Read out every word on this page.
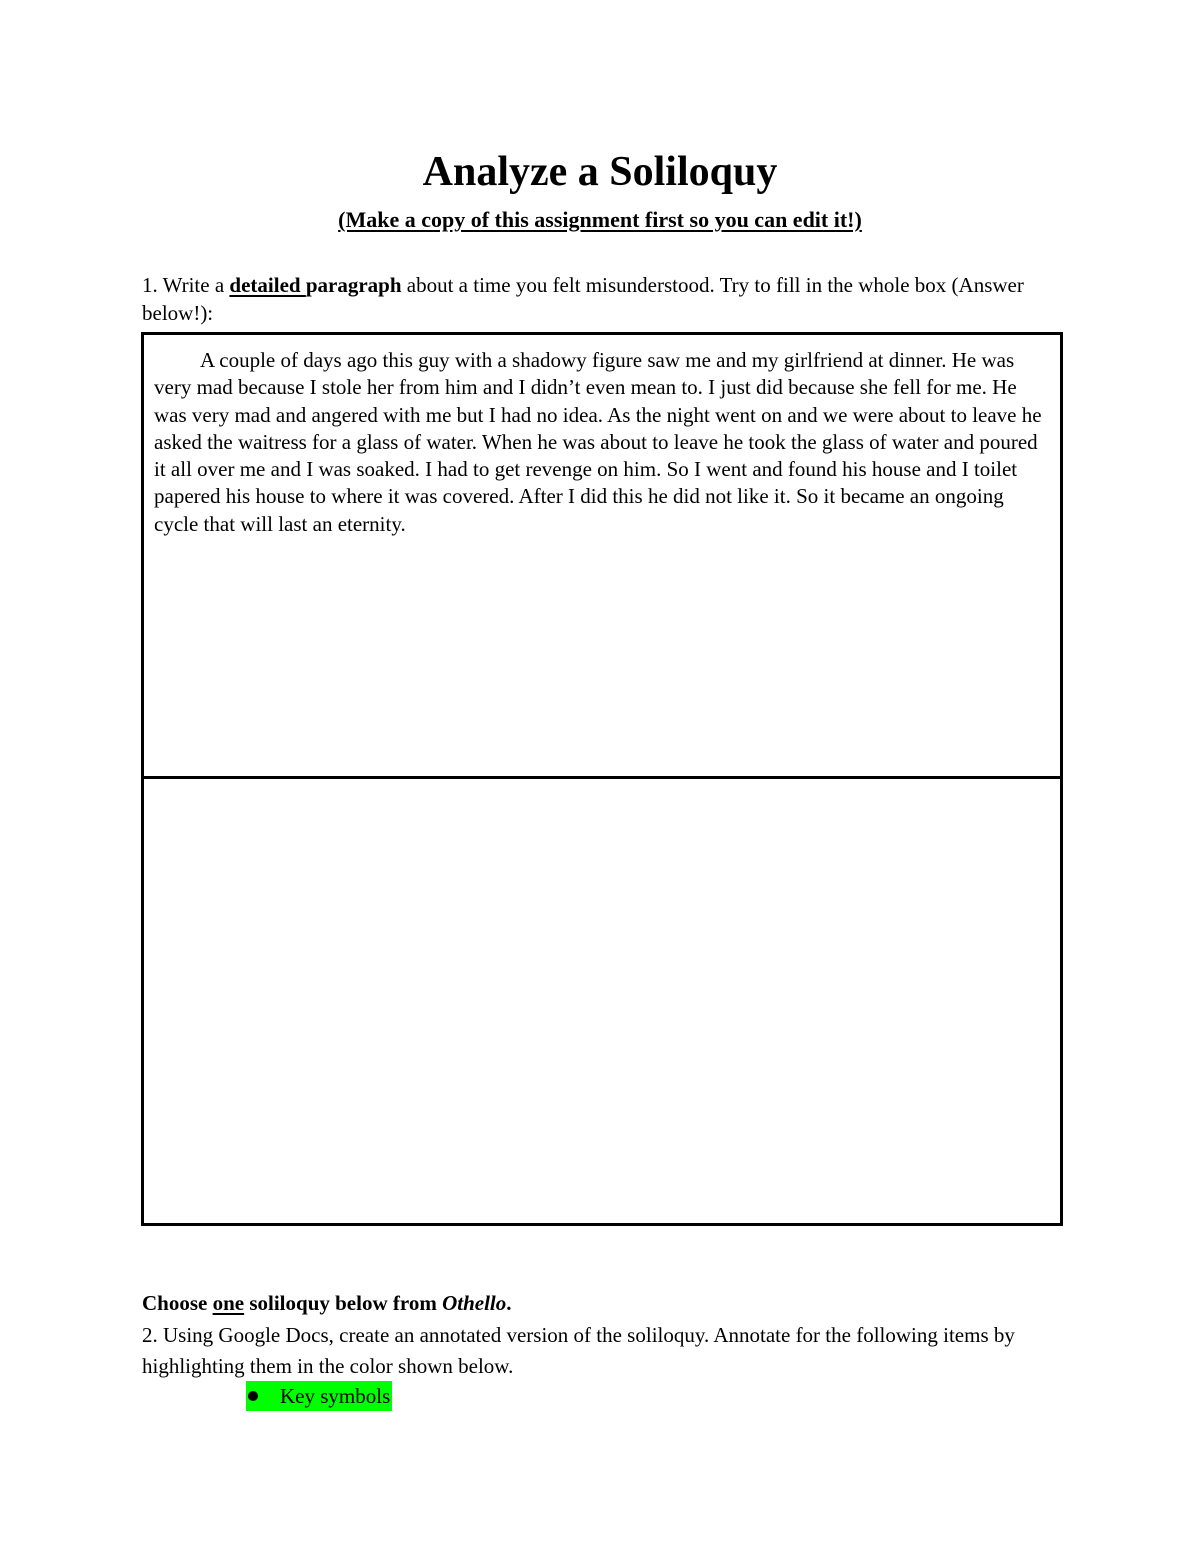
Analyze a Soliloquy
(Make a copy of this assignment first so you can edit it!)
1. Write a detailed paragraph about a time you felt misunderstood. Try to fill in the whole box (Answer below!):

A couple of days ago this guy with a shadowy figure saw me and my girlfriend at dinner. He was very mad because I stole her from him and I didn’t even mean to. I just did because she fell for me. He was very mad and angered with me but I had no idea. As the night went on and we were about to leave he asked the waitress for a glass of water. When he was about to leave he took the glass of water and poured it all over me and I was soaked. I had to get revenge on him. So I went and found his house and I toilet papered his house to where it was covered. After I did this he did not like it. So it became an ongoing cycle that will last an eternity.

Choose one soliloquy below from Othello.
2. Using Google Docs, create an annotated version of the soliloquy. Annotate for the following items by highlighting them in the color shown below.
Key symbols
